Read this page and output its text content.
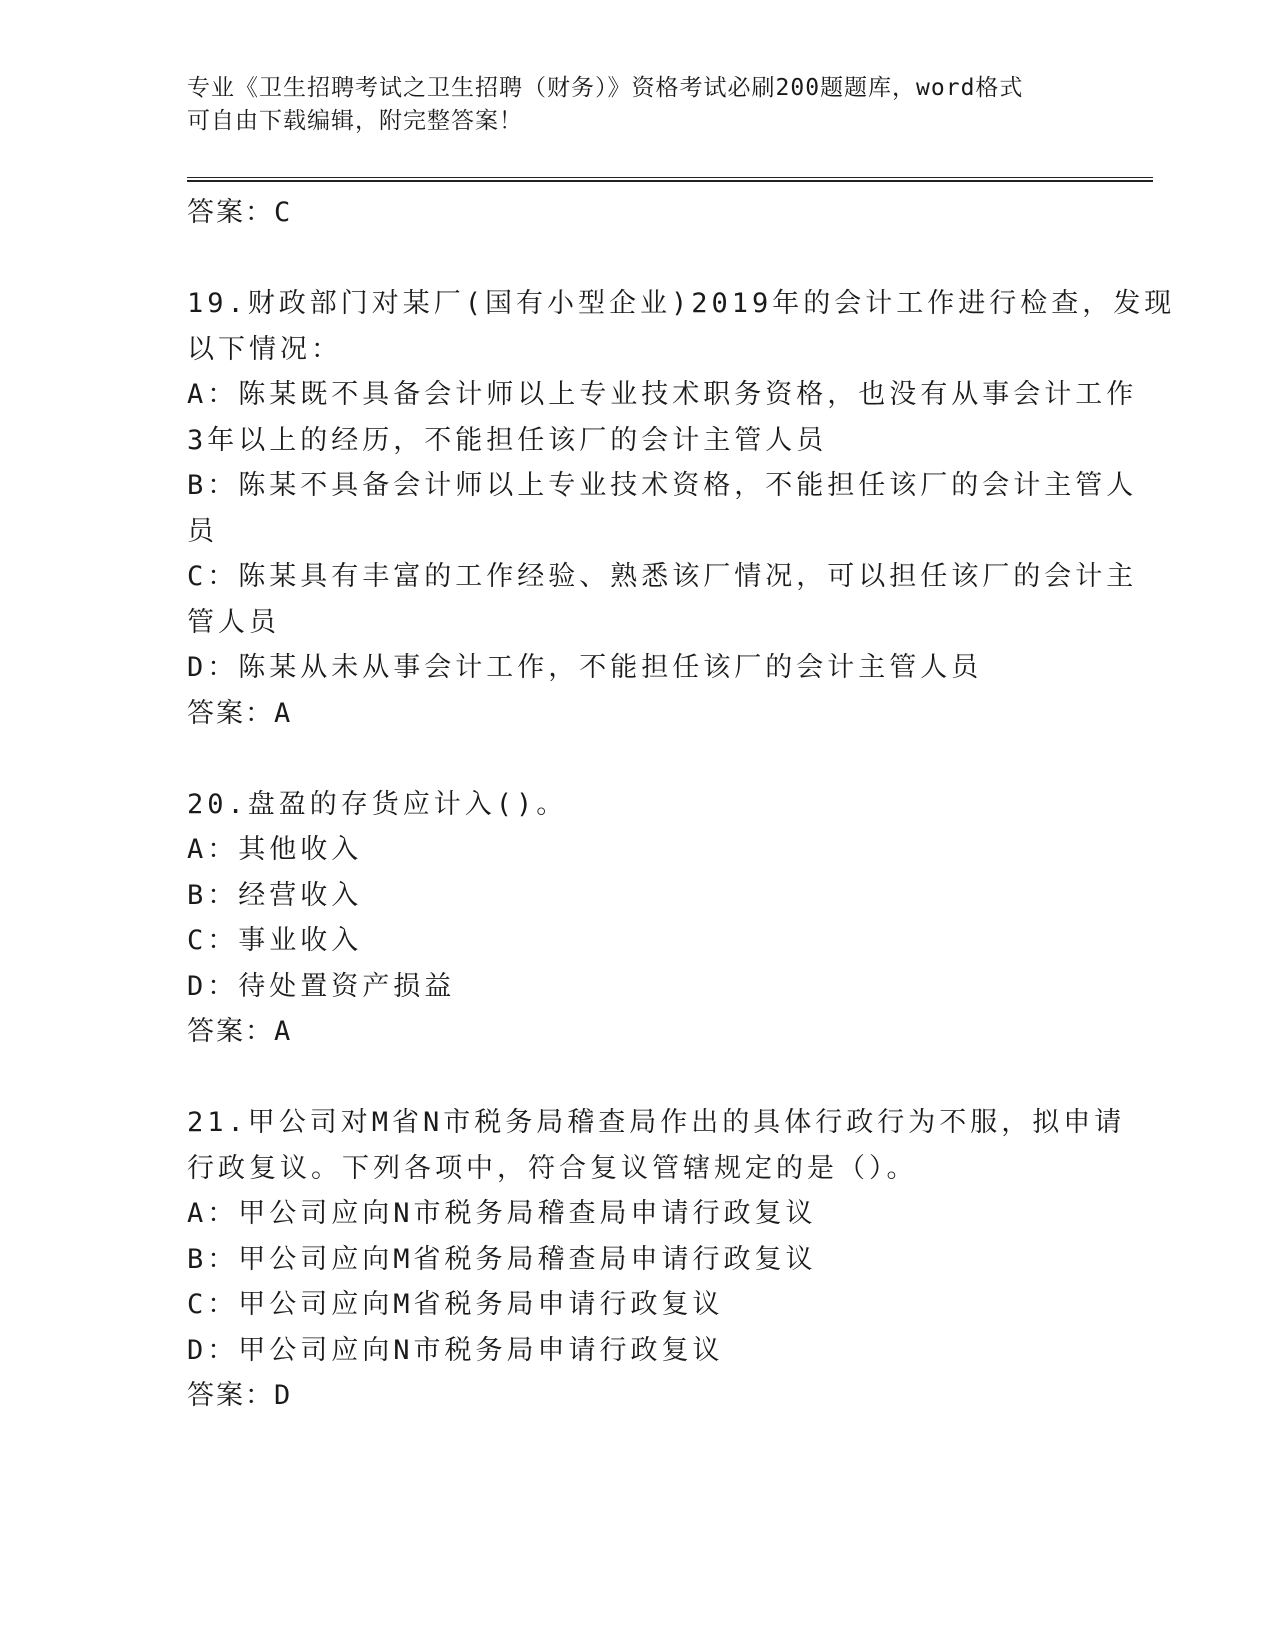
专业《卫生招聘考试之卫生招聘（财务）》资格考试必刷200题题库，word格式
可自由下载编辑，附完整答案！
答案：C
19.财政部门对某厂(国有小型企业)2019年的会计工作进行检查，发现
以下情况：
A：陈某既不具备会计师以上专业技术职务资格，也没有从事会计工作
3年以上的经历，不能担任该厂的会计主管人员
B：陈某不具备会计师以上专业技术资格，不能担任该厂的会计主管人
员
C：陈某具有丰富的工作经验、熟悉该厂情况，可以担任该厂的会计主
管人员
D：陈某从未从事会计工作，不能担任该厂的会计主管人员
答案：A
20.盘盈的存货应计入()。
A：其他收入
B：经营收入
C：事业收入
D：待处置资产损益
答案：A
21.甲公司对M省N市税务局稽查局作出的具体行政行为不服，拟申请
行政复议。下列各项中，符合复议管辖规定的是（）。
A：甲公司应向N市税务局稽查局申请行政复议
B：甲公司应向M省税务局稽查局申请行政复议
C：甲公司应向M省税务局申请行政复议
D：甲公司应向N市税务局申请行政复议
答案：D
